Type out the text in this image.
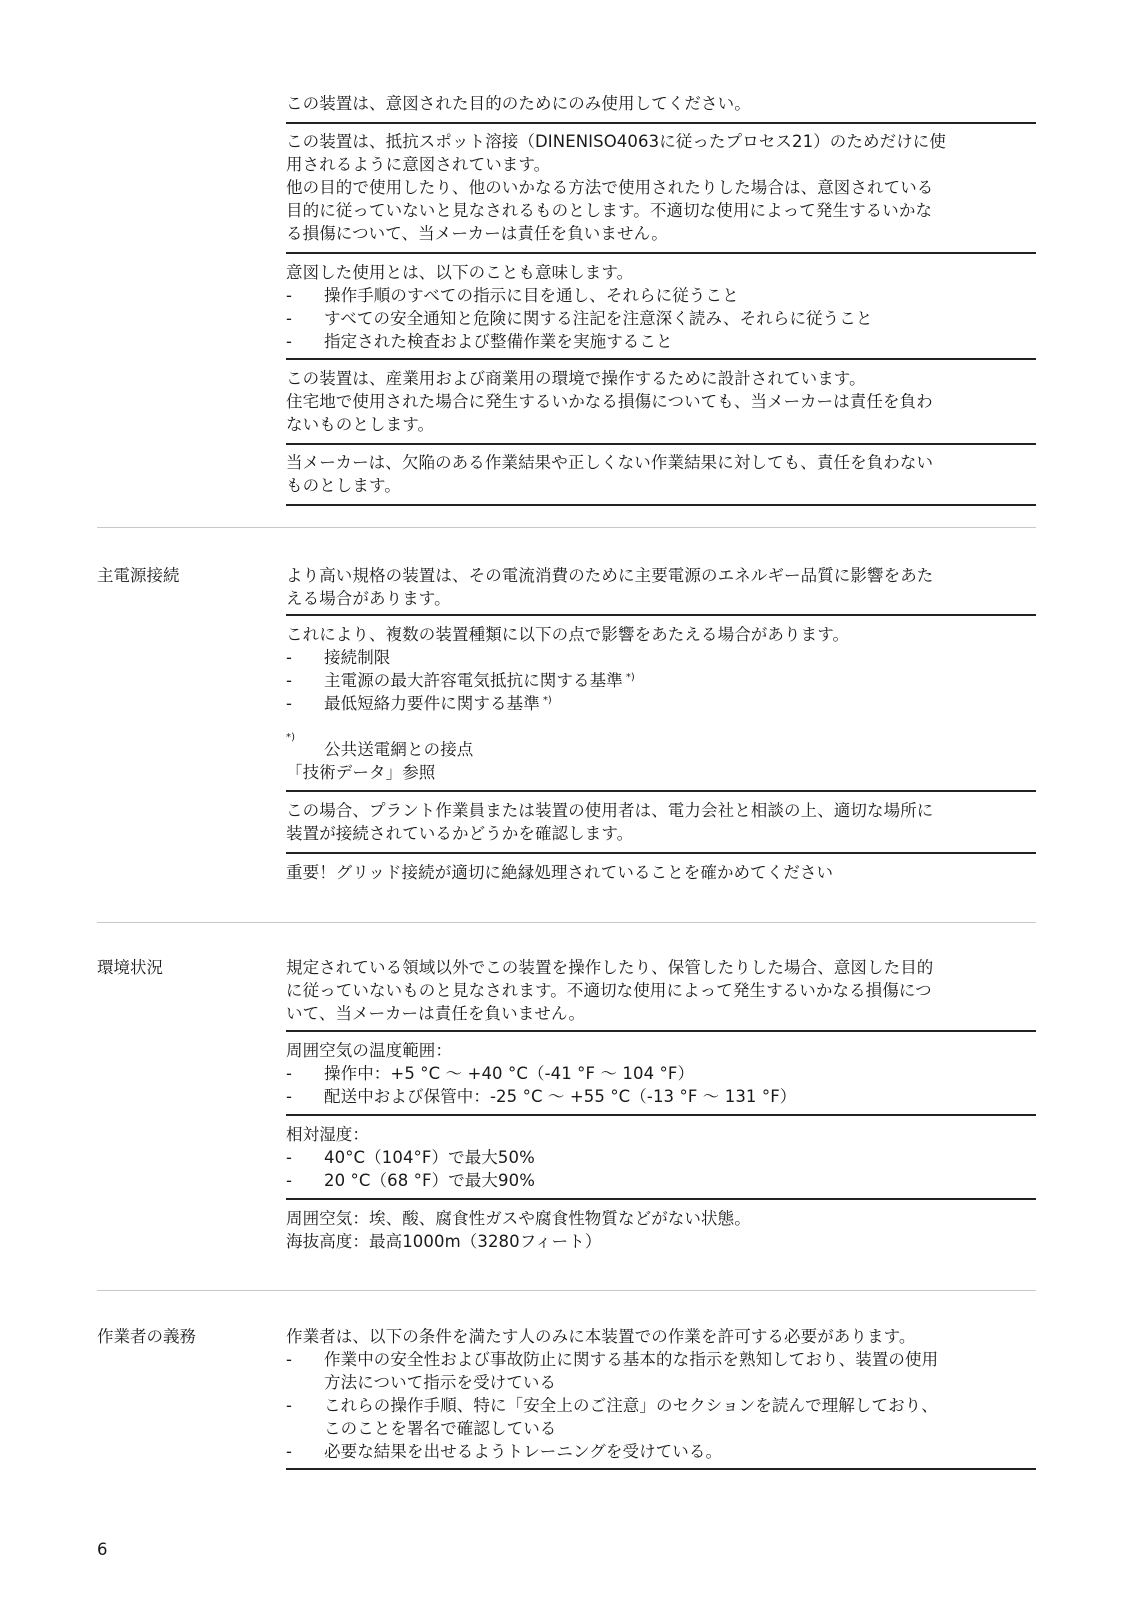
この装置は、意図された目的のためにのみ使用してください。

この装置は、抵抗スポット溶接（DINENISO4063に従ったプロセス21）のためだけに使

用されるように意図されています。

他の目的で使用したり、他のいかなる方法で使用されたりした場合は、意図されている

目的に従っていないと見なされるものとします。不適切な使用によって発生するいかな

る損傷について、当メーカーは責任を負いません。

意図した使用とは、以下のことも意味します。

- 操作手順のすべての指示に目を通し、それらに従うこと
- すべての安全通知と危険に関する注記を注意深く読み、それらに従うこと
- 指定された検査および整備作業を実施すること

この装置は、産業用および商業用の環境で操作するために設計されています。

住宅地で使用された場合に発生するいかなる損傷についても、当メーカーは責任を負わ

ないものとします。

当メーカーは、欠陥のある作業結果や正しくない作業結果に対しても、責任を負わない

ものとします。

主電源接続	より高い規格の装置は、その電流消費のために主要電源のエネルギー品質に影響をあた

える場合があります。

これにより、複数の装置種類に以下の点で影響をあたえる場合があります。

- 接続制限
- 主電源の最大許容電気抵抗に関する基準 *)
- 最低短絡力要件に関する基準 *)
*)
公共送電網との接点

「技術データ」参照

この場合、プラント作業員または装置の使用者は、電力会社と相談の上、適切な場所に

装置が接続されているかどうかを確認します。

重要！グリッド接続が適切に絶縁処理されていることを確かめてください

環境状況	規定されている領域以外でこの装置を操作したり、保管したりした場合、意図した目的

に従っていないものと見なされます。不適切な使用によって発生するいかなる損傷につ

いて、当メーカーは責任を負いません。

周囲空気の温度範囲：

- 操作中：+5 °C ～ +40 °C（-41 °F ～ 104 °F）
- 配送中および保管中：-25 °C ～ +55 °C（-13 °F ～ 131 °F）

相対湿度：

- 40°C（104°F）で最大50%
- 20 °C（68 °F）で最大90%

周囲空気：埃、酸、腐食性ガスや腐食性物質などがない状態。

海抜高度：最高1000m（3280フィート）

作業者の義務	作業者は、以下の条件を満たす人のみに本装置での作業を許可する必要があります。

- 作業中の安全性および事故防止に関する基本的な指示を熟知しており、装置の使用
方法について指示を受けている
- これらの操作手順、特に「安全上のご注意」のセクションを読んで理解しており、
このことを署名で確認している
- 必要な結果を出せるようトレーニングを受けている。
6
